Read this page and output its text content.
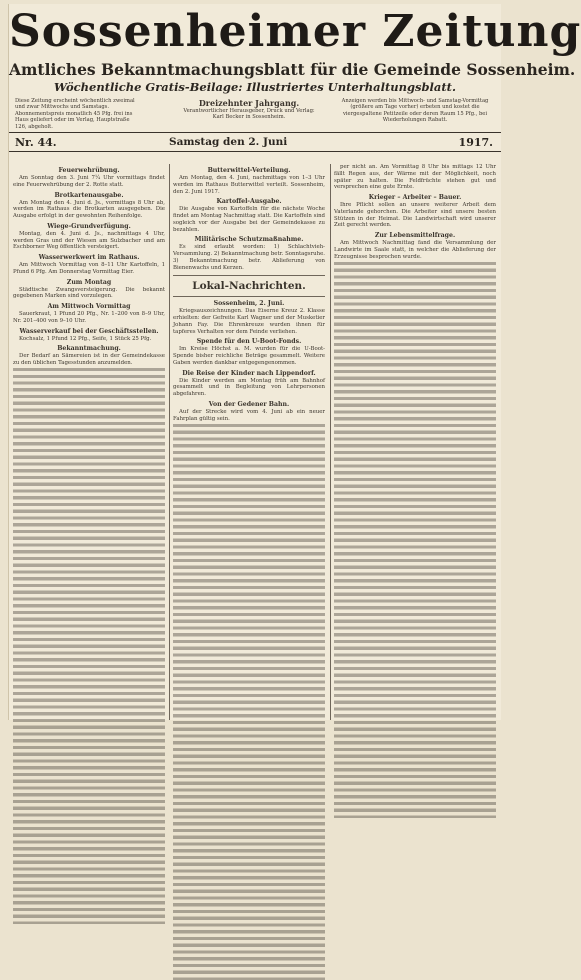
Sossenheimer Zeitung
Amtliches Bekanntmachungsblatt für die Gemeinde Sossenheim.
Wöchentliche Gratis-Beilage: Illustriertes Unterhaltungsblatt.
Diese Zeitung erscheint wöchentlich zweimal und zwar Mittwochs und Samstags. Abonnementspreis monatlich 45 Pfg. frei ins Haus geliefert oder im Verlag, Hauptstraße 126, abgeholt.
Dreizehnter Jahrgang.
Verantwortlicher Herausgeber, Druck und Verlag: Karl Becker in Sossenheim.
Anzeigen werden bis Mittwoch- und Samstag-Vormittag (größere am Tage vorher) erbeten und kostet die viergespaltene Petitzeile oder deren Raum 15 Pfg., bei Wiederholungen Rabatt.
Nr. 44.	Samstag den 2. Juni	1917.
Feuerwehrübung.
Am Sonntag den 3. Juni 7¼ Uhr vormittags findet eine Feuerwehrübung der 2. Rotte statt.
Brotkartenausgabe.
Am Montag den 4. Juni d. Js., vormittags 8 Uhr ab, werden im Rathaus die Brotkarten ausgegeben. Die Ausgabe erfolgt in der gewohnten Reihenfolge.
Wiege-Grundverfügung.
Montag, den 4. Juni d. Js., nachmittags 4 Uhr, werden Gras und der Wiesen am Sulzbacher und am Eschborner Weg öffentlich versteigert.
Wasserwerkwert im Rathaus.
Am Mittwoch Vormittag von 8–11 Uhr Kartoffeln, 1 Pfund 6 Pfg. Am Donnerstag Vormittag Eier.
Zum Montag
Städtische Zwangsversteigerung. Die bekannt gegebenen Marken sind vorzulegen.
Am Mittwoch Vormittag
Sauerkraut, 1 Pfund 20 Pfg., Nr. 1–200 von 8–9 Uhr, Nr. 201–400 von 9–10 Uhr.
Wasserverkauf bei der Geschäftsstellen.
Kochsalz, 1 Pfund 12 Pfg., Seife, 1 Stück 25 Pfg.
Bekanntmachung.
Der Bedarf an Sämereien ist in der Gemeindekasse zu den üblichen Tagesstunden anzumelden.
Butterwittel-Verteilung.
Am Montag, den 4. Juni, nachmittags von 1–3 Uhr werden im Rathaus Butterwittel verteilt. Sossenheim, den 2. Juni 1917.
Kartoffel-Ausgabe.
Die Ausgabe von Kartoffeln für die nächste Woche findet am Montag Nachmittag statt. Die Kartoffeln sind sogleich vor der Ausgabe bei der Gemeindekasse zu bezahlen.
Militärische Schutzmaßnahme.
Es sind erlaubt worden: 1) Schlachtvieh-Versammlung. 2) Bekanntmachung betr. Sonntagsruhe. 3) Bekanntmachung betr. Ablieferung von Bienenwachs und Kerzen.
Lokal-Nachrichten.
Sossenheim, 2. Juni.
Kriegsauszeichnungen. Das Eiserne Kreuz 2. Klasse erhielten: der Gefreite Karl Wagner und der Musketier Johann Fay. Die Ehrenkreuze wurden ihnen für tapferes Verhalten vor dem Feinde verliehen.
Spende für den U-Boot-Fonds.
Im Kreise Höchst a. M. wurden für die U-Boot-Spende bisher reichliche Beträge gesammelt. Weitere Gaben werden dankbar entgegengenommen.
Die Reise der Kinder nach Lippendorf.
Die Kinder werden am Montag früh am Bahnhof gesammelt und in Begleitung von Lehrpersonen abgefahren.
Von der Gedener Bahn.
Auf der Strecke wird vom 4. Juni ab ein neuer Fahrplan gültig sein.
per nicht an. Am Vormittag 8 Uhr bis mittags 12 Uhr fällt Regen aus, der Wärme mit der Möglichkeit, noch später zu halten. Die Feldfrüchte stehen gut und versprechen eine gute Ernte.
Krieger – Arbeiter – Bauer.
Ihre Pflicht sollen an unsere weiterer Arbeit dem Vaterlande gehorchen. Die Arbeiter sind unsere besten Stützen in der Heimat. Die Landwirtschaft wird unserer Zeit gerecht werden.
Zur Lebensmittelfrage.
Am Mittwoch Nachmittag fand die Versammlung der Landwirte im Saale statt, in welcher die Ablieferung der Erzeugnisse besprochen wurde.
